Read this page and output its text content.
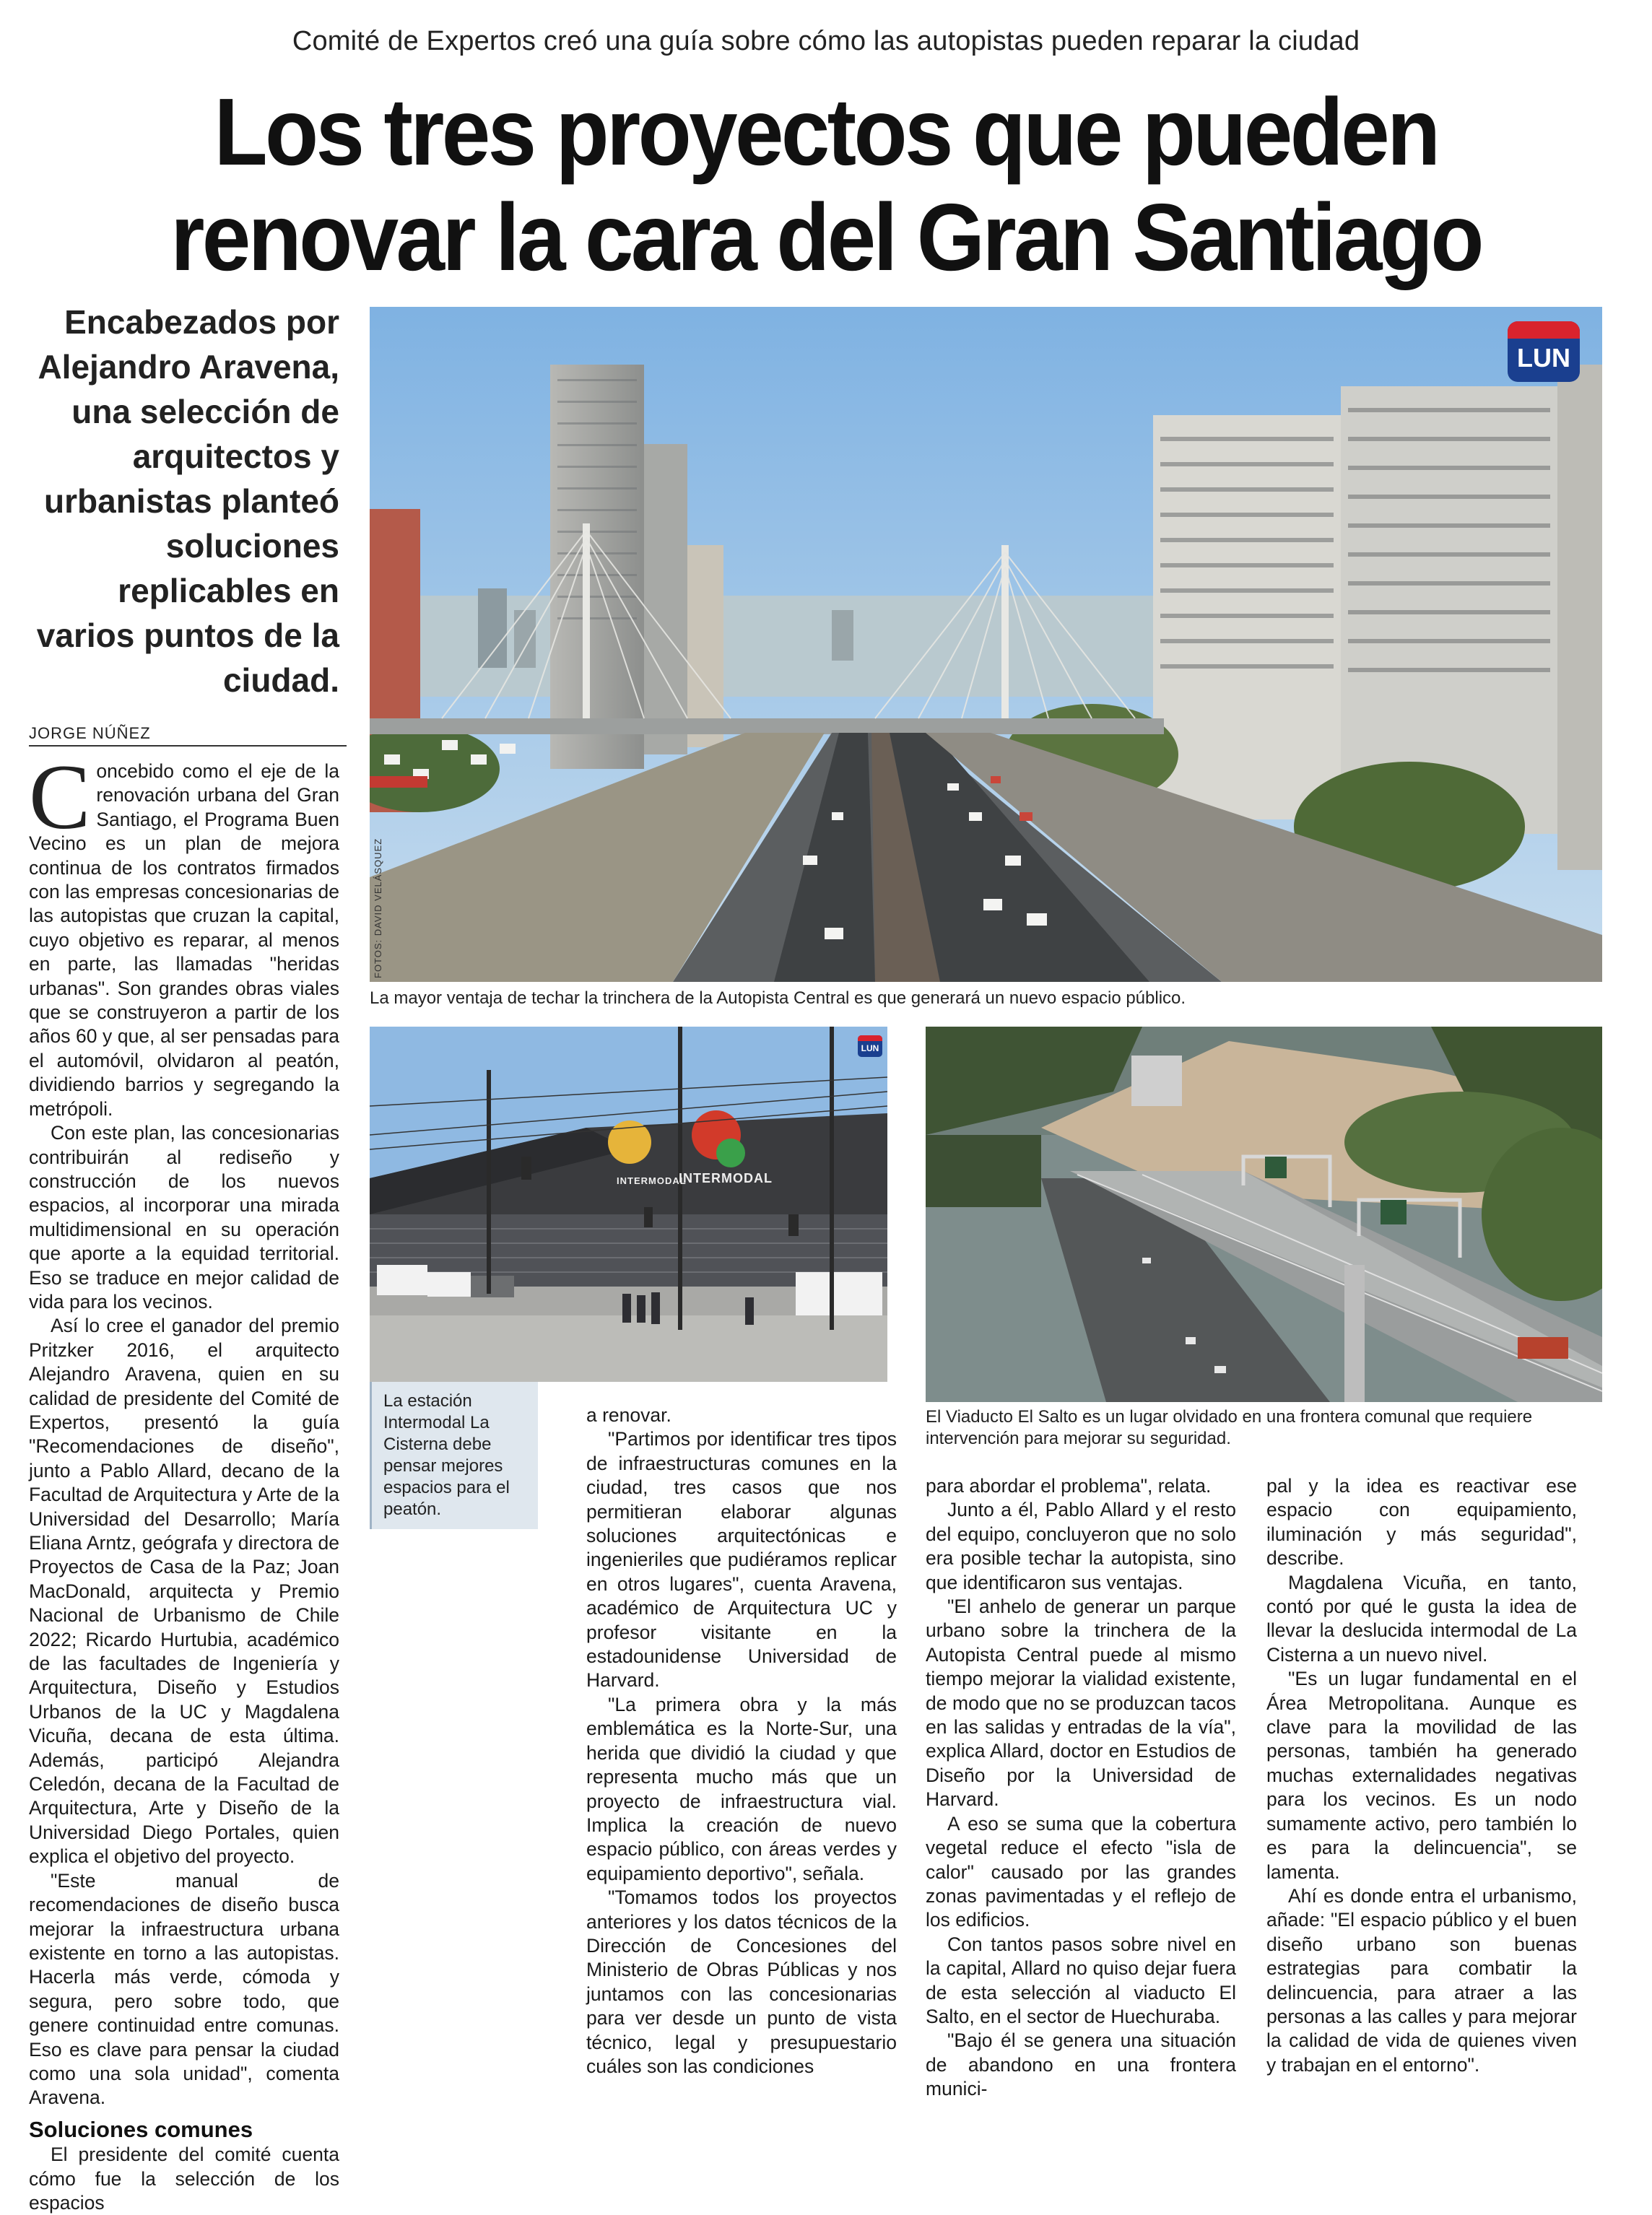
Comité de Expertos creó una guía sobre cómo las autopistas pueden reparar la ciudad
Los tres proyectos que pueden
renovar la cara del Gran Santiago
Encabezados por Alejandro Aravena, una selección de arquitectos y urbanistas planteó soluciones replicables en varios puntos de la ciudad.
JORGE NÚÑEZ
LUN
FOTOS: DAVID VELÁSQUEZ
La mayor ventaja de techar la trinchera de la Autopista Central es que generará un nuevo espacio público.
INTERMODAL
INTERMODAL
LUN
La estación Intermodal La Cisterna debe pensar mejores espacios para el peatón.
El Viaducto El Salto es un lugar olvidado en una frontera comunal que requiere intervención para mejorar su seguridad.

Concebido como el eje de la renovación urbana del Gran Santiago, el Programa Buen Vecino es un plan de mejora continua de los contratos firmados con las empresas concesionarias de las autopistas que cruzan la capital, cuyo objetivo es reparar, al menos en parte, las llamadas "heridas urbanas". Son grandes obras viales que se construyeron a partir de los años 60 y que, al ser pensadas para el automóvil, olvidaron al peatón, dividiendo barrios y segregando la metrópoli.

Con este plan, las concesionarias contribuirán al rediseño y construcción de los nuevos espacios, al incorporar una mirada multidimensional en su operación que aporte a la equidad territorial. Eso se traduce en mejor calidad de vida para los vecinos.

Así lo cree el ganador del premio Pritzker 2016, el arquitecto Alejandro Aravena, quien en su calidad de presidente del Comité de Expertos, presentó la guía "Recomendaciones de diseño", junto a Pablo Allard, decano de la Facultad de Arquitectura y Arte de la Universidad del Desarrollo; María Eliana Arntz, geógrafa y directora de Proyectos de Casa de la Paz; Joan MacDonald, arquitecta y Premio Nacional de Urbanismo de Chile 2022; Ricardo Hurtubia, académico de las facultades de Ingeniería y Arquitectura, Diseño y Estudios Urbanos de la UC y Magdalena Vicuña, decana de esta última. Además, participó Alejandra Celedón, decana de la Facultad de Arquitectura, Arte y Diseño de la Universidad Diego Portales, quien explica el objetivo del proyecto.

"Este manual de recomendaciones de diseño busca mejorar la infraestructura urbana existente en torno a las autopistas. Hacerla más verde, cómoda y segura, pero sobre todo, que genere continuidad entre comunas. Eso es clave para pensar la ciudad como una sola unidad", comenta Aravena.

Soluciones comunes

El presidente del comité cuenta cómo fue la selección de los espacios

a renovar.

"Partimos por identificar tres tipos de infraestructuras comunes en la ciudad, tres casos que nos permitieran elaborar algunas soluciones arquitectónicas e ingenieriles que pudiéramos replicar en otros lugares", cuenta Aravena, académico de Arquitectura UC y profesor visitante en la estadounidense Universidad de Harvard.

"La primera obra y la más emblemática es la Norte-Sur, una herida que dividió la ciudad y que representa mucho más que un proyecto de infraestructura vial. Implica la creación de nuevo espacio público, con áreas verdes y equipamiento deportivo", señala.

"Tomamos todos los proyectos anteriores y los datos técnicos de la Dirección de Concesiones del Ministerio de Obras Públicas y nos juntamos con las concesionarias para ver desde un punto de vista técnico, legal y presupuestario cuáles son las condiciones

para abordar el problema", relata.

Junto a él, Pablo Allard y el resto del equipo, concluyeron que no solo era posible techar la autopista, sino que identificaron sus ventajas.

"El anhelo de generar un parque urbano sobre la trinchera de la Autopista Central puede al mismo tiempo mejorar la vialidad existente, de modo que no se produzcan tacos en las salidas y entradas de la vía", explica Allard, doctor en Estudios de Diseño por la Universidad de Harvard.

A eso se suma que la cobertura vegetal reduce el efecto "isla de calor" causado por las grandes zonas pavimentadas y el reflejo de los edificios.

Con tantos pasos sobre nivel en la capital, Allard no quiso dejar fuera de esta selección al viaducto El Salto, en el sector de Huechuraba.

"Bajo él se genera una situación de abandono en una frontera munici-

pal y la idea es reactivar ese espacio con equipamiento, iluminación y más seguridad", describe.

Magdalena Vicuña, en tanto, contó por qué le gusta la idea de llevar la deslucida intermodal de La Cisterna a un nuevo nivel.

"Es un lugar fundamental en el Área Metropolitana. Aunque es clave para la movilidad de las personas, también ha generado muchas externalidades negativas para los vecinos. Es un nodo sumamente activo, pero también lo es para la delincuencia", se lamenta.

Ahí es donde entra el urbanismo, añade: "El espacio público y el buen diseño urbano son buenas estrategias para combatir la delincuencia, para atraer a las personas a las calles y para mejorar la calidad de vida de quienes viven y trabajan en el entorno".
